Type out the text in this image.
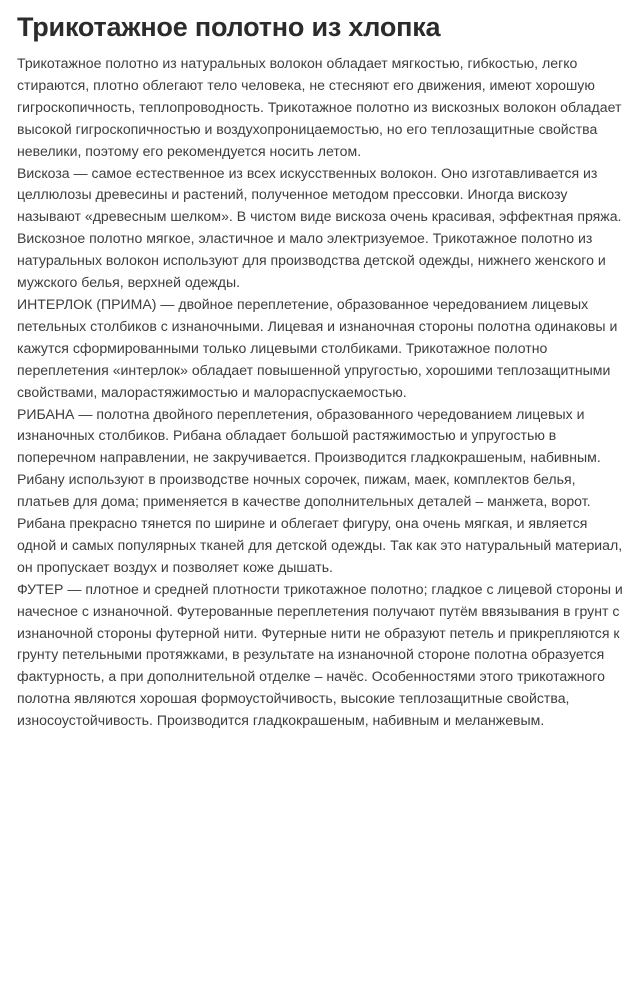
Трикотажное полотно из хлопка

Трикотажное полотно из натуральных волокон обладает мягкостью, гибкостью, легко стираются, плотно облегают тело человека, не стесняют его движения, имеют хорошую гигроскопичность, теплопроводность. Трикотажное полотно из вискозных волокон обладает высокой гигроскопичностью и воздухопроницаемостью, но его теплозащитные свойства невелики, поэтому его рекомендуется носить летом.

Вискоза — самое естественное из всех искусственных волокон. Оно изготавливается из целлюлозы древесины и растений, полученное методом прессовки. Иногда вискозу называют «древесным шелком». В чистом виде вискоза очень красивая, эффектная пряжа. Вискозное полотно мягкое, эластичное и мало электризуемое. Трикотажное полотно из натуральных волокон используют для производства детской одежды, нижнего женского и мужского белья, верхней одежды.

ИНТЕРЛОК (ПРИМА) — двойное переплетение, образованное чередованием лицевых петельных столбиков с изнаночными. Лицевая и изнаночная стороны полотна одинаковы и кажутся сформированными только лицевыми столбиками. Трикотажное полотно переплетения «интерлок» обладает повышенной упругостью, хорошими теплозащитными свойствами, малорастяжимостью и малораспускаемостью.

РИБАНА — полотна двойного переплетения, образованного чередованием лицевых и изнаночных столбиков. Рибана обладает большой растяжимостью и упругостью в поперечном направлении, не закручивается. Производится гладкокрашеным, набивным. Рибану используют в производстве ночных сорочек, пижам, маек, комплектов белья, платьев для дома; применяется в качестве дополнительных деталей – манжета, ворот. Рибана прекрасно тянется по ширине и облегает фигуру, она очень мягкая, и является одной и самых популярных тканей для детской одежды. Так как это натуральный материал, он пропускает воздух и позволяет коже дышать.

ФУТЕР — плотное и средней плотности трикотажное полотно; гладкое с лицевой стороны и начесное с изнаночной. Футерованные переплетения получают путём ввязывания в грунт с изнаночной стороны футерной нити. Футерные нити не образуют петель и прикрепляются к грунту петельными протяжками, в результате на изнаночной стороне полотна образуется фактурность, а при дополнительной отделке – начёс. Особенностями этого трикотажного полотна являются хорошая формоустойчивость, высокие теплозащитные свойства, износоустойчивость. Производится гладкокрашеным, набивным и меланжевым.
